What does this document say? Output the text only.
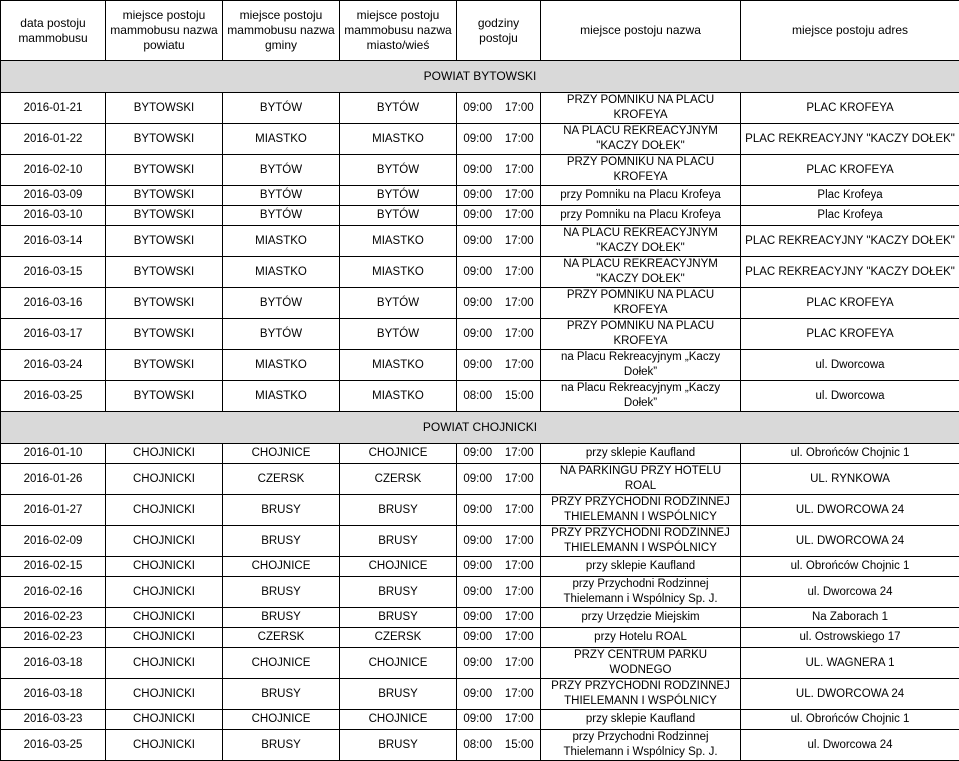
data postoju mammobusu	miejsce postoju mammobusu nazwa powiatu	miejsce postoju mammobusu nazwa gminy	miejsce postoju mammobusu nazwa miasto/wieś	godziny postoju		miejsce postoju nazwa	miejsce postoju adres
POWIAT BYTOWSKI							
2016-01-21	BYTOWSKI	BYTÓW	BYTÓW	09:00	17:00	PRZY POMNIKU NA PLACU KROFEYA	PLAC KROFEYA
2016-01-22	BYTOWSKI	MIASTKO	MIASTKO	09:00	17:00	NA PLACU REKREACYJNYM "KACZY DOŁEK"	PLAC REKREACYJNY "KACZY DOŁEK"
2016-02-10	BYTOWSKI	BYTÓW	BYTÓW	09:00	17:00	PRZY POMNIKU NA PLACU KROFEYA	PLAC KROFEYA
2016-03-09	BYTOWSKI	BYTÓW	BYTÓW	09:00	17:00	przy Pomniku na Placu Krofeya	Plac Krofeya
2016-03-10	BYTOWSKI	BYTÓW	BYTÓW	09:00	17:00	przy Pomniku na Placu Krofeya	Plac Krofeya
2016-03-14	BYTOWSKI	MIASTKO	MIASTKO	09:00	17:00	NA PLACU REKREACYJNYM "KACZY DOŁEK"	PLAC REKREACYJNY "KACZY DOŁEK"
2016-03-15	BYTOWSKI	MIASTKO	MIASTKO	09:00	17:00	NA PLACU REKREACYJNYM "KACZY DOŁEK"	PLAC REKREACYJNY "KACZY DOŁEK"
2016-03-16	BYTOWSKI	BYTÓW	BYTÓW	09:00	17:00	PRZY POMNIKU NA PLACU KROFEYA	PLAC KROFEYA
2016-03-17	BYTOWSKI	BYTÓW	BYTÓW	09:00	17:00	PRZY POMNIKU NA PLACU KROFEYA	PLAC KROFEYA
2016-03-24	BYTOWSKI	MIASTKO	MIASTKO	09:00	17:00	na Placu Rekreacyjnym „Kaczy Dołek”	ul. Dworcowa
2016-03-25	BYTOWSKI	MIASTKO	MIASTKO	08:00	15:00	na Placu Rekreacyjnym „Kaczy Dołek”	ul. Dworcowa
POWIAT CHOJNICKI							
2016-01-10	CHOJNICKI	CHOJNICE	CHOJNICE	09:00	17:00	przy sklepie Kaufland	ul. Obrońców Chojnic 1
2016-01-26	CHOJNICKI	CZERSK	CZERSK	09:00	17:00	NA PARKINGU PRZY HOTELU ROAL	UL. RYNKOWA
2016-01-27	CHOJNICKI	BRUSY	BRUSY	09:00	17:00	PRZY PRZYCHODNI RODZINNEJ THIELEMANN I WSPÓLNICY	UL. DWORCOWA 24
2016-02-09	CHOJNICKI	BRUSY	BRUSY	09:00	17:00	PRZY PRZYCHODNI RODZINNEJ THIELEMANN I WSPÓLNICY	UL. DWORCOWA 24
2016-02-15	CHOJNICKI	CHOJNICE	CHOJNICE	09:00	17:00	przy sklepie Kaufland	ul. Obrońców Chojnic 1
2016-02-16	CHOJNICKI	BRUSY	BRUSY	09:00	17:00	przy Przychodni Rodzinnej Thielemann i Wspólnicy Sp. J.	ul. Dworcowa 24
2016-02-23	CHOJNICKI	BRUSY	BRUSY	09:00	17:00	przy Urzędzie Miejskim	Na Zaborach 1
2016-02-23	CHOJNICKI	CZERSK	CZERSK	09:00	17:00	przy Hotelu ROAL	ul. Ostrowskiego 17
2016-03-18	CHOJNICKI	CHOJNICE	CHOJNICE	09:00	17:00	PRZY CENTRUM PARKU WODNEGO	UL. WAGNERA 1
2016-03-18	CHOJNICKI	BRUSY	BRUSY	09:00	17:00	PRZY PRZYCHODNI RODZINNEJ THIELEMANN I WSPÓLNICY	UL. DWORCOWA 24
2016-03-23	CHOJNICKI	CHOJNICE	CHOJNICE	09:00	17:00	przy sklepie Kaufland	ul. Obrońców Chojnic 1
2016-03-25	CHOJNICKI	BRUSY	BRUSY	08:00	15:00	przy Przychodni Rodzinnej Thielemann i Wspólnicy Sp. J.	ul. Dworcowa 24
